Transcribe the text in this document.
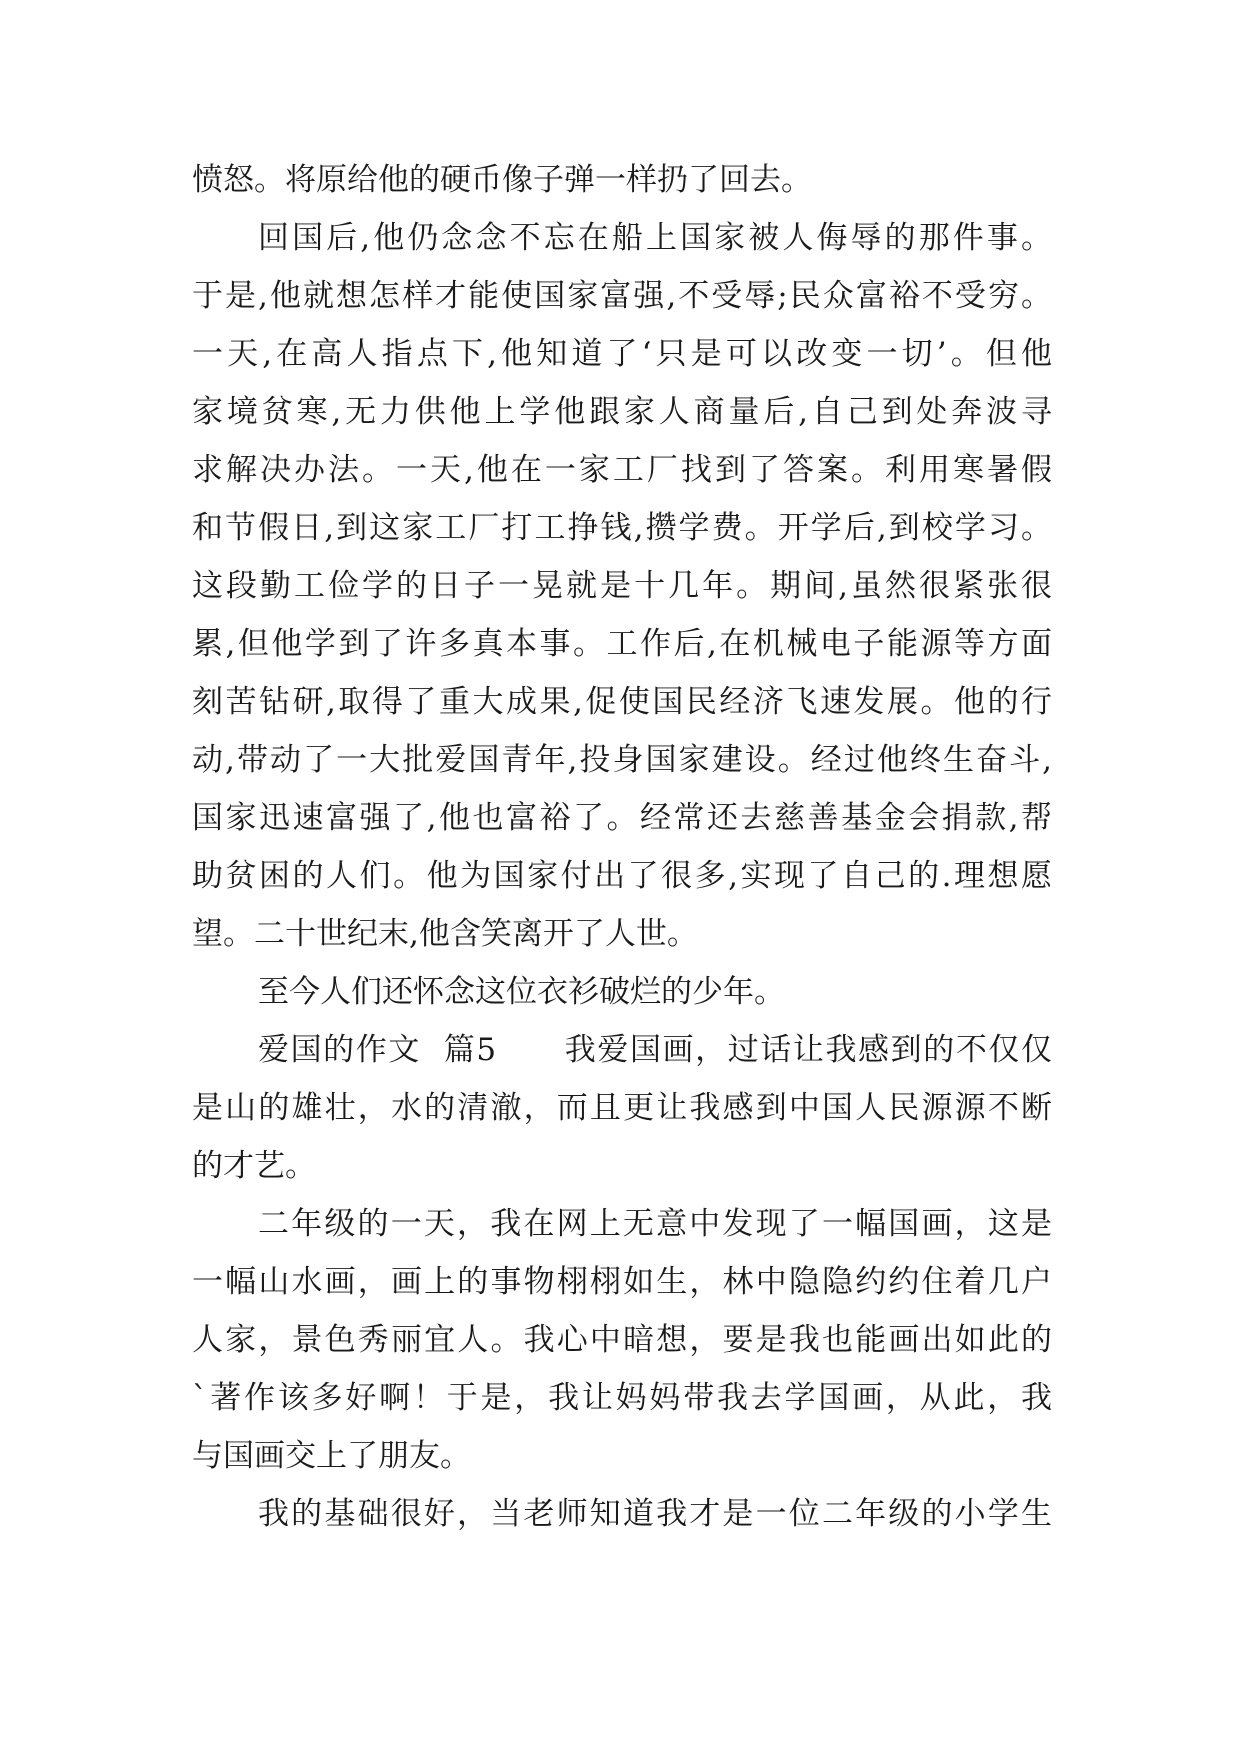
愤怒。将原给他的硬币像子弹一样扔了回去。
回国后,他仍念念不忘在船上国家被人侮辱的那件事。
于是,他就想怎样才能使国家富强,不受辱;民众富裕不受穷。
一天,在高人指点下,他知道了‘只是可以改变一切’。但他
家境贫寒,无力供他上学他跟家人商量后,自己到处奔波寻
求解决办法。一天,他在一家工厂找到了答案。利用寒暑假
和节假日,到这家工厂打工挣钱,攒学费。开学后,到校学习。
这段勤工俭学的日子一晃就是十几年。期间,虽然很紧张很
累,但他学到了许多真本事。工作后,在机械电子能源等方面
刻苦钻研,取得了重大成果,促使国民经济飞速发展。他的行
动,带动了一大批爱国青年,投身国家建设。经过他终生奋斗,
国家迅速富强了,他也富裕了。经常还去慈善基金会捐款,帮
助贫困的人们。他为国家付出了很多,实现了自己的.理想愿
望。二十世纪末,他含笑离开了人世。
至今人们还怀念这位衣衫破烂的少年。
爱国的作文  篇5      我爱国画，过话让我感到的不仅仅
是山的雄壮，水的清澈，而且更让我感到中国人民源源不断
的才艺。
二年级的一天，我在网上无意中发现了一幅国画，这是
一幅山水画，画上的事物栩栩如生，林中隐隐约约住着几户
人家，景色秀丽宜人。我心中暗想，要是我也能画出如此的
`著作该多好啊！于是，我让妈妈带我去学国画，从此，我
与国画交上了朋友。
我的基础很好，当老师知道我才是一位二年级的小学生
